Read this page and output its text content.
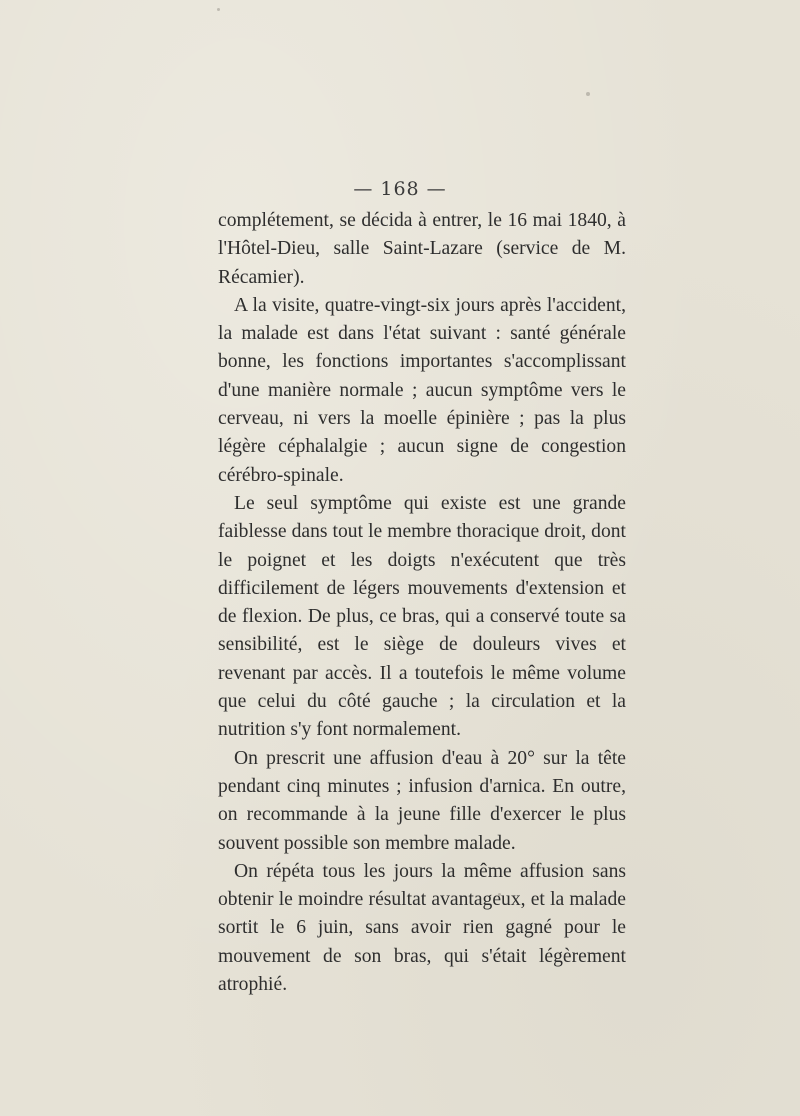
— 168 —

complétement, se décida à entrer, le 16 mai 1840, à l'Hôtel-Dieu, salle Saint-Lazare (service de M. Récamier).

A la visite, quatre-vingt-six jours après l'accident, la malade est dans l'état suivant : santé générale bonne, les fonctions importantes s'accomplissant d'une manière normale ; aucun symptôme vers le cerveau, ni vers la moelle épinière ; pas la plus légère céphalalgie ; aucun signe de congestion cérébro-spinale.

Le seul symptôme qui existe est une grande faiblesse dans tout le membre thoracique droit, dont le poignet et les doigts n'exécutent que très difficilement de légers mouvements d'extension et de flexion. De plus, ce bras, qui a conservé toute sa sensibilité, est le siège de douleurs vives et revenant par accès. Il a toutefois le même volume que celui du côté gauche ; la circulation et la nutrition s'y font normalement.

On prescrit une affusion d'eau à 20° sur la tête pendant cinq minutes ; infusion d'arnica. En outre, on recommande à la jeune fille d'exercer le plus souvent possible son membre malade.

On répéta tous les jours la même affusion sans obtenir le moindre résultat avantageux, et la malade sortit le 6 juin, sans avoir rien gagné pour le mouvement de son bras, qui s'était légèrement atrophié.
